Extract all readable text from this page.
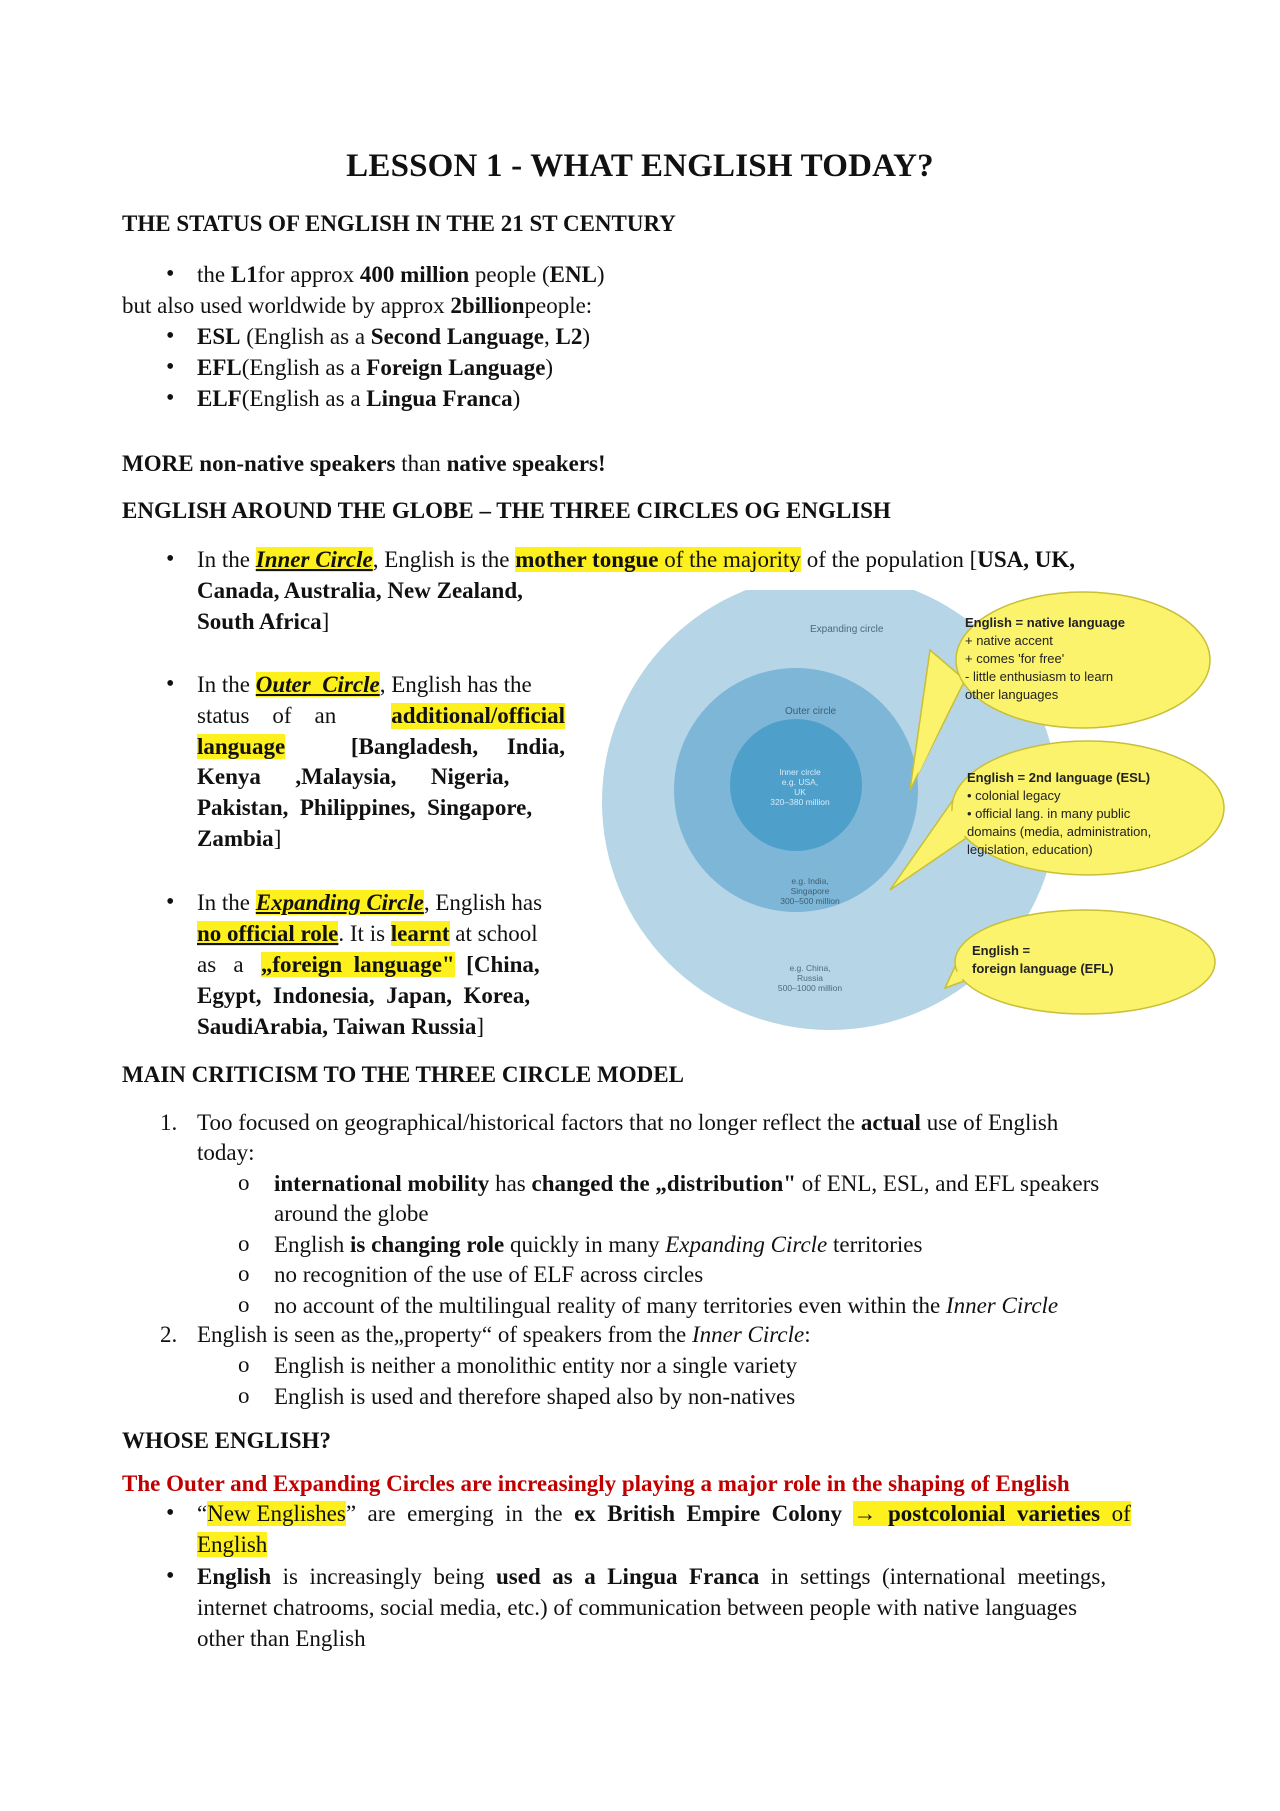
LESSON 1 - WHAT ENGLISH TODAY?
THE STATUS OF ENGLISH IN THE 21 ST CENTURY
• the L1for approx 400 million people (ENL)
but also used worldwide by approx 2billionpeople:
• ESL (English as a Second Language, L2)
• EFL(English as a Foreign Language)
• ELF(English as a Lingua Franca)
MORE non-native speakers than native speakers!
ENGLISH AROUND THE GLOBE – THE THREE CIRCLES OG ENGLISH
• In the Inner Circle, English is the mother tongue of the majority of the population [USA, UK,
Canada, Australia, New Zealand,
South Africa]
• In the Outer  Circle, English has the
status    of    an additional/official
language	[Bangladesh,     India,
Kenya      ,Malaysia,      Nigeria,
Pakistan,  Philippines,  Singapore,
Zambia]
• In the Expanding Circle, English has
no official role. It is learnt at school
as   a   „foreign  language"  [China,
Egypt,  Indonesia,  Japan,  Korea,
SaudiArabia, Taiwan Russia]
Expanding circle
Outer circle
Inner circle
e.g. USA,
UK
320–380 million
e.g. India,
Singapore
300–500 million
e.g. China,
Russia
500–1000 million
English = native language
+ native accent
+ comes 'for free'
- little enthusiasm to learn
other languages
English = 2nd language (ESL)
• colonial legacy
• official lang. in many public
domains (media, administration,
legislation, education)
English =
foreign language (EFL)
MAIN CRITICISM TO THE THREE CIRCLE MODEL
1. Too focused on geographical/historical factors that no longer reflect the actual use of English
today:
o international mobility has changed the „distribution" of ENL, ESL, and EFL speakers
around the globe
o English is changing role quickly in many Expanding Circle territories
o no recognition of the use of ELF across circles
o no account of the multilingual reality of many territories even within the Inner Circle
2. English is seen as the„property“ of speakers from the Inner Circle:
o English is neither a monolithic entity nor a single variety
o English is used and therefore shaped also by non-natives
WHOSE ENGLISH?
The Outer and Expanding Circles are increasingly playing a major role in the shaping of English
• “New Englishes”  are  emerging  in  the  ex  British  Empire  Colony →  postcolonial  varieties  of
English
• English  is  increasingly  being  used  as  a  Lingua  Franca  in  settings  (international  meetings,
internet chatrooms, social media, etc.) of communication between people with native languages
other than English
